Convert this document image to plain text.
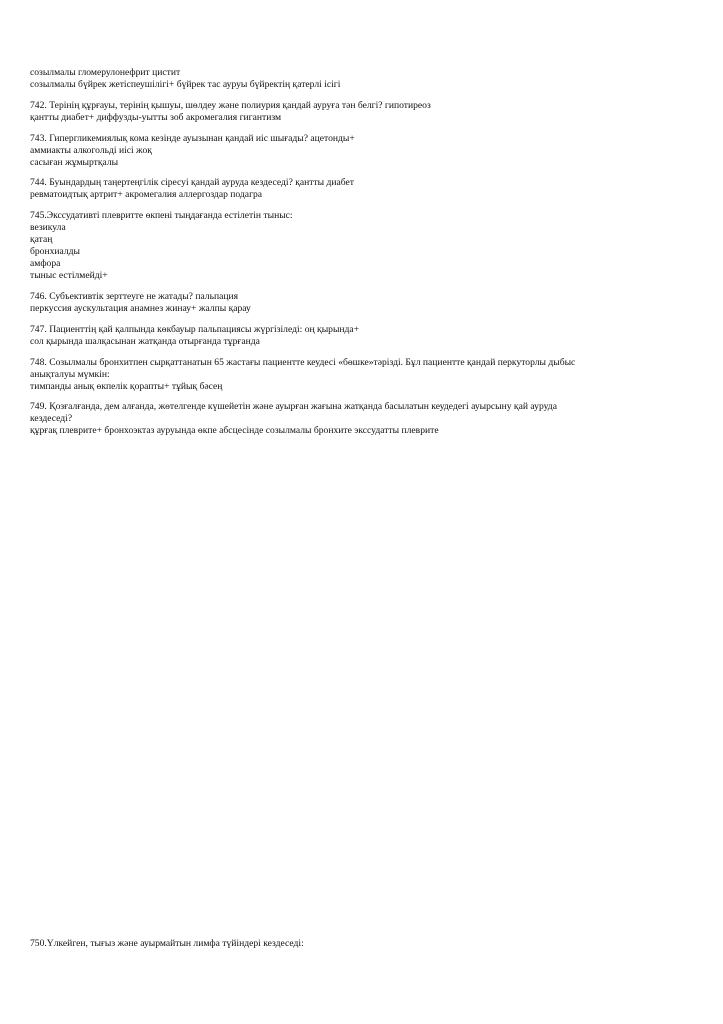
созылмалы гломерулонефрит цистит
созылмалы бүйрек жетіспеушілігі+ бүйрек тас ауруы бүйректің қатерлі ісігі
742. Терінің құрғауы, терінің қышуы, шөлдеу және полиурия қандай ауруға тән белгі? гипотиреоз
қантты диабет+ диффузды-уытты зоб акромегалия гигантизм
743. Гипергликемиялық кома кезінде ауызынан қандай иіс шығады? ацетонды+
аммиакты алкогольді иісі жоқ
сасыған жұмыртқалы
744. Буындардың таңертеңгілік сіресуі қандай ауруда кездеседі? қантты диабет
ревматоидтық артрит+ акромегалия аллергоздар подагра
745.Экссудативті плевритте өкпені тыңдағанда естілетін тыныс:
везикула
қатаң
бронхиалды
амфора
тыныс естілмейді+
746. Субъективтік зерттеуге не жатады? пальпация
перкуссия аускультация анамнез жинау+ жалпы қарау
747. Пациенттің қай қалпында көкбауыр пальпациясы жүргізіледі: оң қырында+
сол қырында шалқасынан жатқанда отырғанда тұрғанда
748. Созылмалы бронхитпен сырқаттанатын 65 жастағы пациентте кеудесі «бөшке»тәрізді. Бұл пациентте қандай перкуторлы дыбыс
анықталуы мүмкін:
тимпанды анық өкпелік қорапты+ тұйық бәсең
749. Қозғалғанда, дем алғанда, жөтелгенде күшейетін және ауырған жағына жатқанда басылатын кеудедегі ауырсыну қай ауруда
кездеседі?
құрғақ плеврите+ бронхоэктаз ауруында өкпе абсцесінде созылмалы бронхите экссудатты плеврите
750.Үлкейген, тығыз және ауырмайтын лимфа түйіндері кездеседі:
